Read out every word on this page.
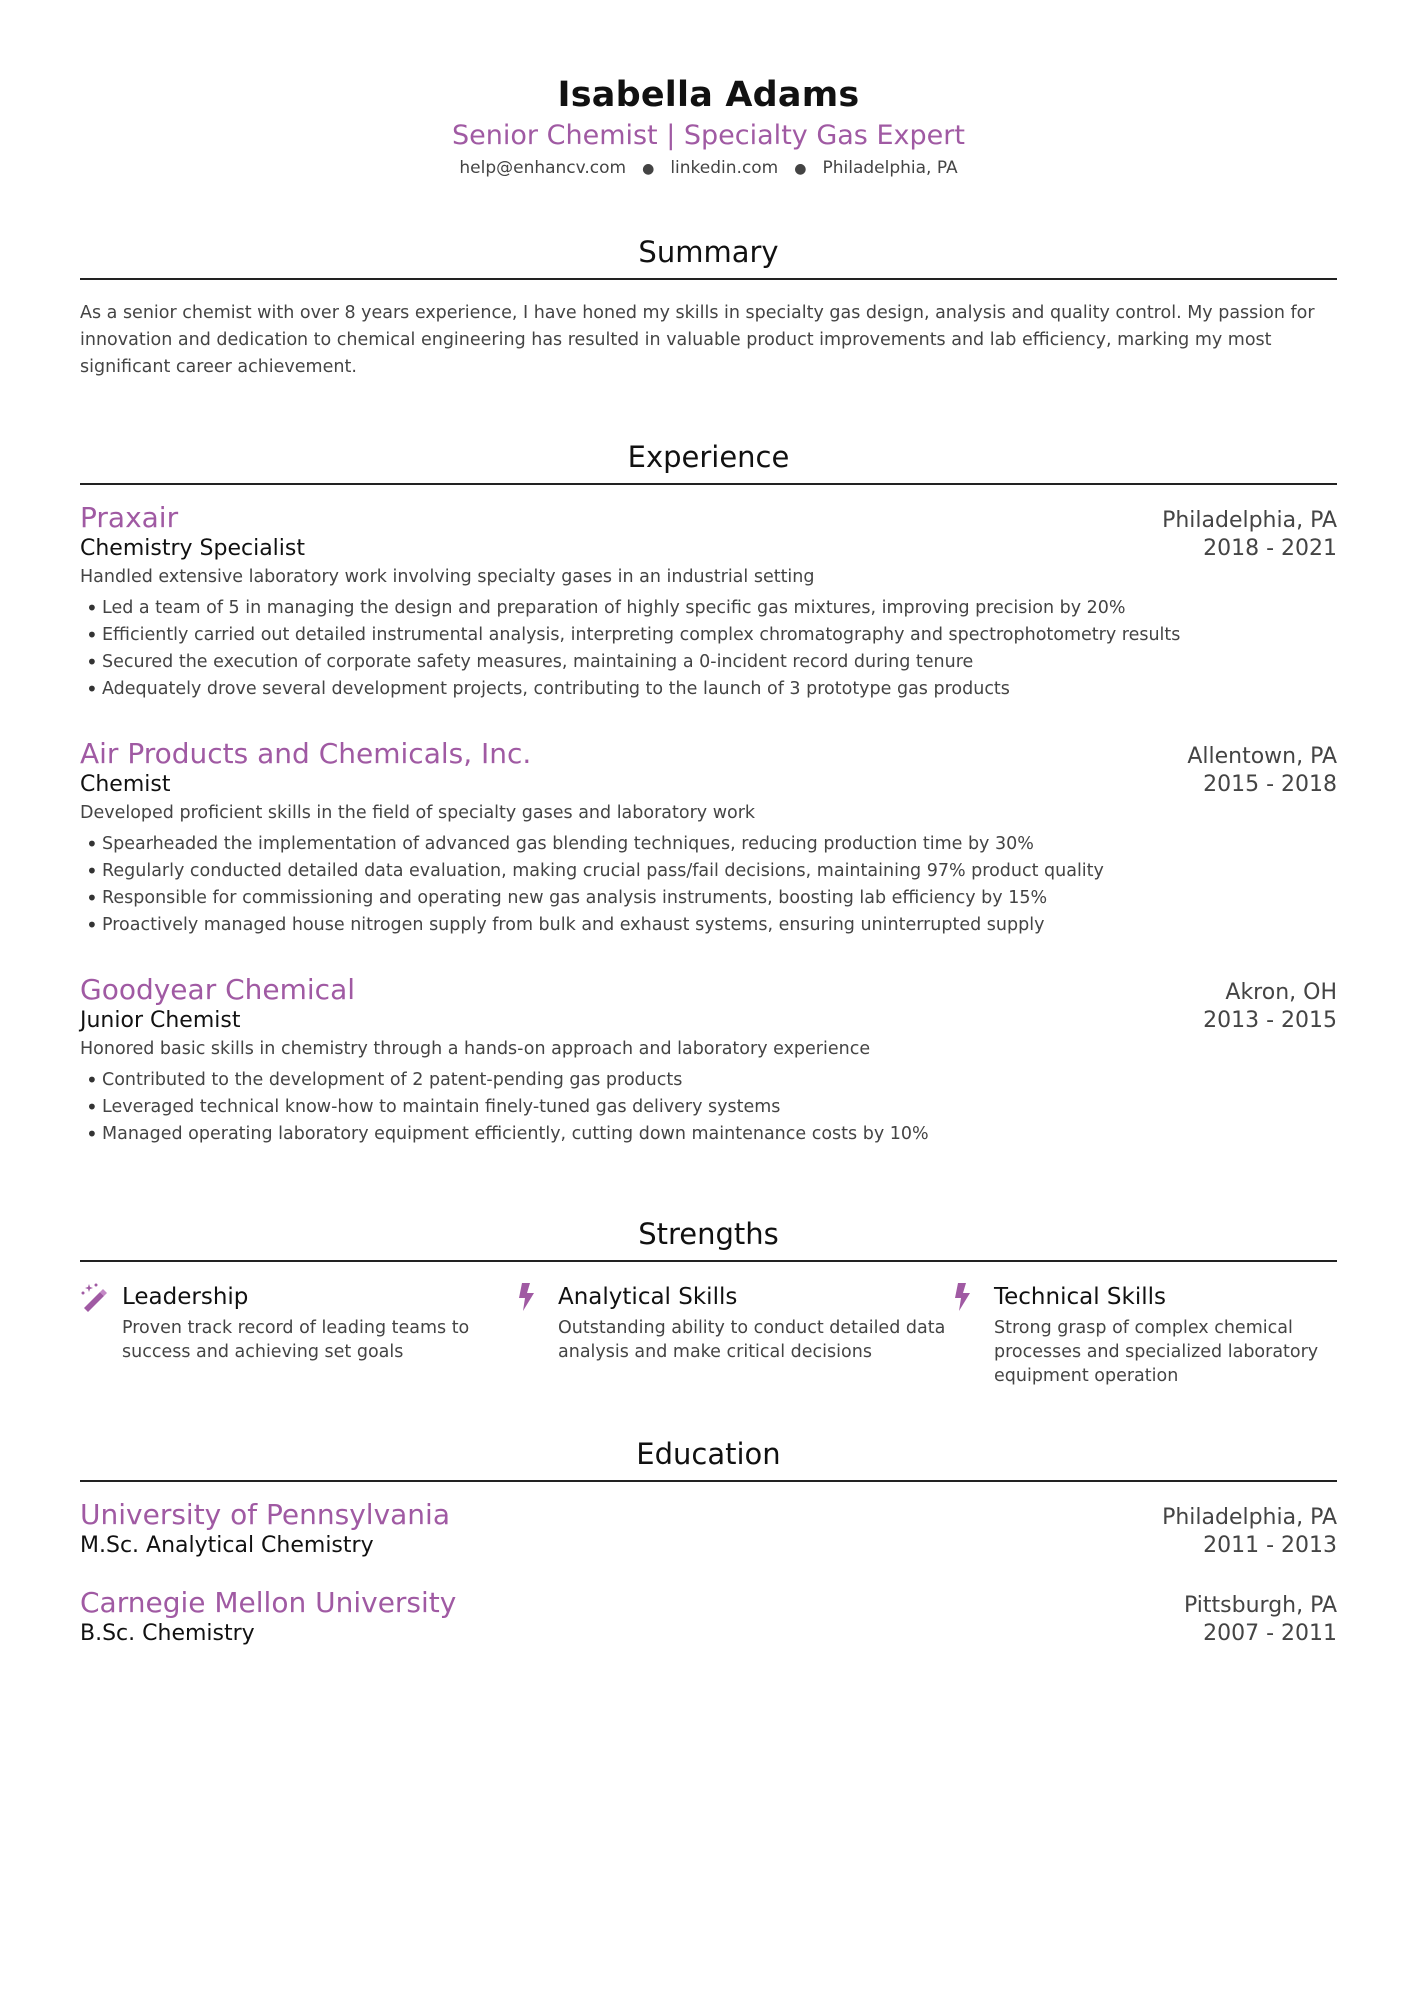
Isabella Adams
Senior Chemist | Specialty Gas Expert
help@enhancv.com ● linkedin.com ● Philadelphia, PA
Summary
As a senior chemist with over 8 years experience, I have honed my skills in specialty gas design, analysis and quality control. My passion for innovation and dedication to chemical engineering has resulted in valuable product improvements and lab efficiency, marking my most significant career achievement.
Experience
Praxair	Philadelphia, PA
Chemistry Specialist	2018 - 2021
Handled extensive laboratory work involving specialty gases in an industrial setting
• Led a team of 5 in managing the design and preparation of highly specific gas mixtures, improving precision by 20%
• Efficiently carried out detailed instrumental analysis, interpreting complex chromatography and spectrophotometry results
• Secured the execution of corporate safety measures, maintaining a 0-incident record during tenure
• Adequately drove several development projects, contributing to the launch of 3 prototype gas products
Air Products and Chemicals, Inc.	Allentown, PA
Chemist	2015 - 2018
Developed proficient skills in the field of specialty gases and laboratory work
• Spearheaded the implementation of advanced gas blending techniques, reducing production time by 30%
• Regularly conducted detailed data evaluation, making crucial pass/fail decisions, maintaining 97% product quality
• Responsible for commissioning and operating new gas analysis instruments, boosting lab efficiency by 15%
• Proactively managed house nitrogen supply from bulk and exhaust systems, ensuring uninterrupted supply
Goodyear Chemical	Akron, OH
Junior Chemist	2013 - 2015
Honored basic skills in chemistry through a hands-on approach and laboratory experience
• Contributed to the development of 2 patent-pending gas products
• Leveraged technical know-how to maintain finely-tuned gas delivery systems
• Managed operating laboratory equipment efficiently, cutting down maintenance costs by 10%
Strengths
Leadership
Proven track record of leading teams to success and achieving set goals
Analytical Skills
Outstanding ability to conduct detailed data analysis and make critical decisions
Technical Skills
Strong grasp of complex chemical processes and specialized laboratory equipment operation
Education
University of Pennsylvania	Philadelphia, PA
M.Sc. Analytical Chemistry	2011 - 2013
Carnegie Mellon University	Pittsburgh, PA
B.Sc. Chemistry	2007 - 2011
